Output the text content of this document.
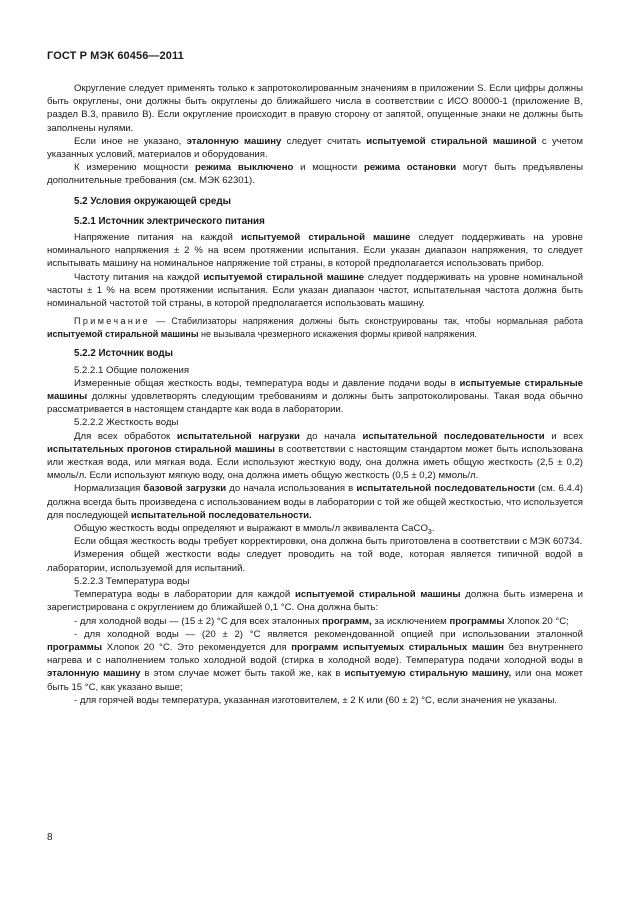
ГОСТ Р МЭК 60456—2011

Округление следует применять только к запротоколированным значениям в приложении S. Если цифры должны быть округлены, они должны быть округлены до ближайшего числа в соответствии с ИСО 80000-1 (приложение В, раздел В.3, правило В). Если округление происходит в правую сторону от запятой, опущенные знаки не должны быть заполнены нулями.

Если иное не указано, эталонную машину следует считать испытуемой стиральной машиной с учетом указанных условий, материалов и оборудования.

К измерению мощности режима выключено и мощности режима остановки могут быть предъявлены дополнительные требования (см. МЭК 62301).

5.2 Условия окружающей среды

5.2.1 Источник электрического питания

Напряжение питания на каждой испытуемой стиральной машине следует поддерживать на уровне номинального напряжения ± 2 % на всем протяжении испытания. Если указан диапазон напряжения, то следует испытывать машину на номинальное напряжение той страны, в которой предполагается использовать прибор.

Частоту питания на каждой испытуемой стиральной машине следует поддерживать на уровне номинальной частоты ± 1 % на всем протяжении испытания. Если указан диапазон частот, испытательная частота должна быть номинальной частотой той страны, в которой предполагается использовать машину.

Примечание — Стабилизаторы напряжения должны быть сконструированы так, чтобы нормальная работа испытуемой стиральной машины не вызывала чрезмерного искажения формы кривой напряжения.

5.2.2 Источник воды

5.2.2.1 Общие положения

Измеренные общая жесткость воды, температура воды и давление подачи воды в испытуемые стиральные машины должны удовлетворять следующим требованиям и должны быть запротоколированы. Такая вода обычно рассматривается в настоящем стандарте как вода в лаборатории.

5.2.2.2 Жесткость воды

Для всех обработок испытательной нагрузки до начала испытательной последовательности и всех испытательных прогонов стиральной машины в соответствии с настоящим стандартом может быть использована или жесткая вода, или мягкая вода. Если используют жесткую воду, она должна иметь общую жесткость (2,5 ± 0,2) ммоль/л. Если используют мягкую воду, она должна иметь общую жесткость (0,5 ± 0,2) ммоль/л.

Нормализация базовой загрузки до начала использования в испытательной последовательности (см. 6.4.4) должна всегда быть произведена с использованием воды в лаборатории с той же общей жесткостью, что используется для последующей испытательной последовательности.

Общую жесткость воды определяют и выражают в ммоль/л эквивалента CaCO$_3$.

Если общая жесткость воды требует корректировки, она должна быть приготовлена в соответствии с МЭК 60734.

Измерения общей жесткости воды следует проводить на той воде, которая является типичной водой в лаборатории, используемой для испытаний.

5.2.2.3 Температура воды

Температура воды в лаборатории для каждой испытуемой стиральной машины должна быть измерена и зарегистрирована с округлением до ближайшей 0,1 °С. Она должна быть:

- для холодной воды — (15 ± 2) °С для всех эталонных программ, за исключением программы Хлопок 20 °С;

- для холодной воды — (20 ± 2) °С является рекомендованной опцией при использовании эталонной программы Хлопок 20 °С. Это рекомендуется для программ испытуемых стиральных машин без внутреннего нагрева и с наполнением только холодной водой (стирка в холодной воде). Температура подачи холодной воды в эталонную машину в этом случае может быть такой же, как в испытуемую стиральную машину, или она может быть 15 °С, как указано выше;

- для горячей воды температура, указанная изготовителем, ± 2 К или (60 ± 2) °С, если значения не указаны.

8
